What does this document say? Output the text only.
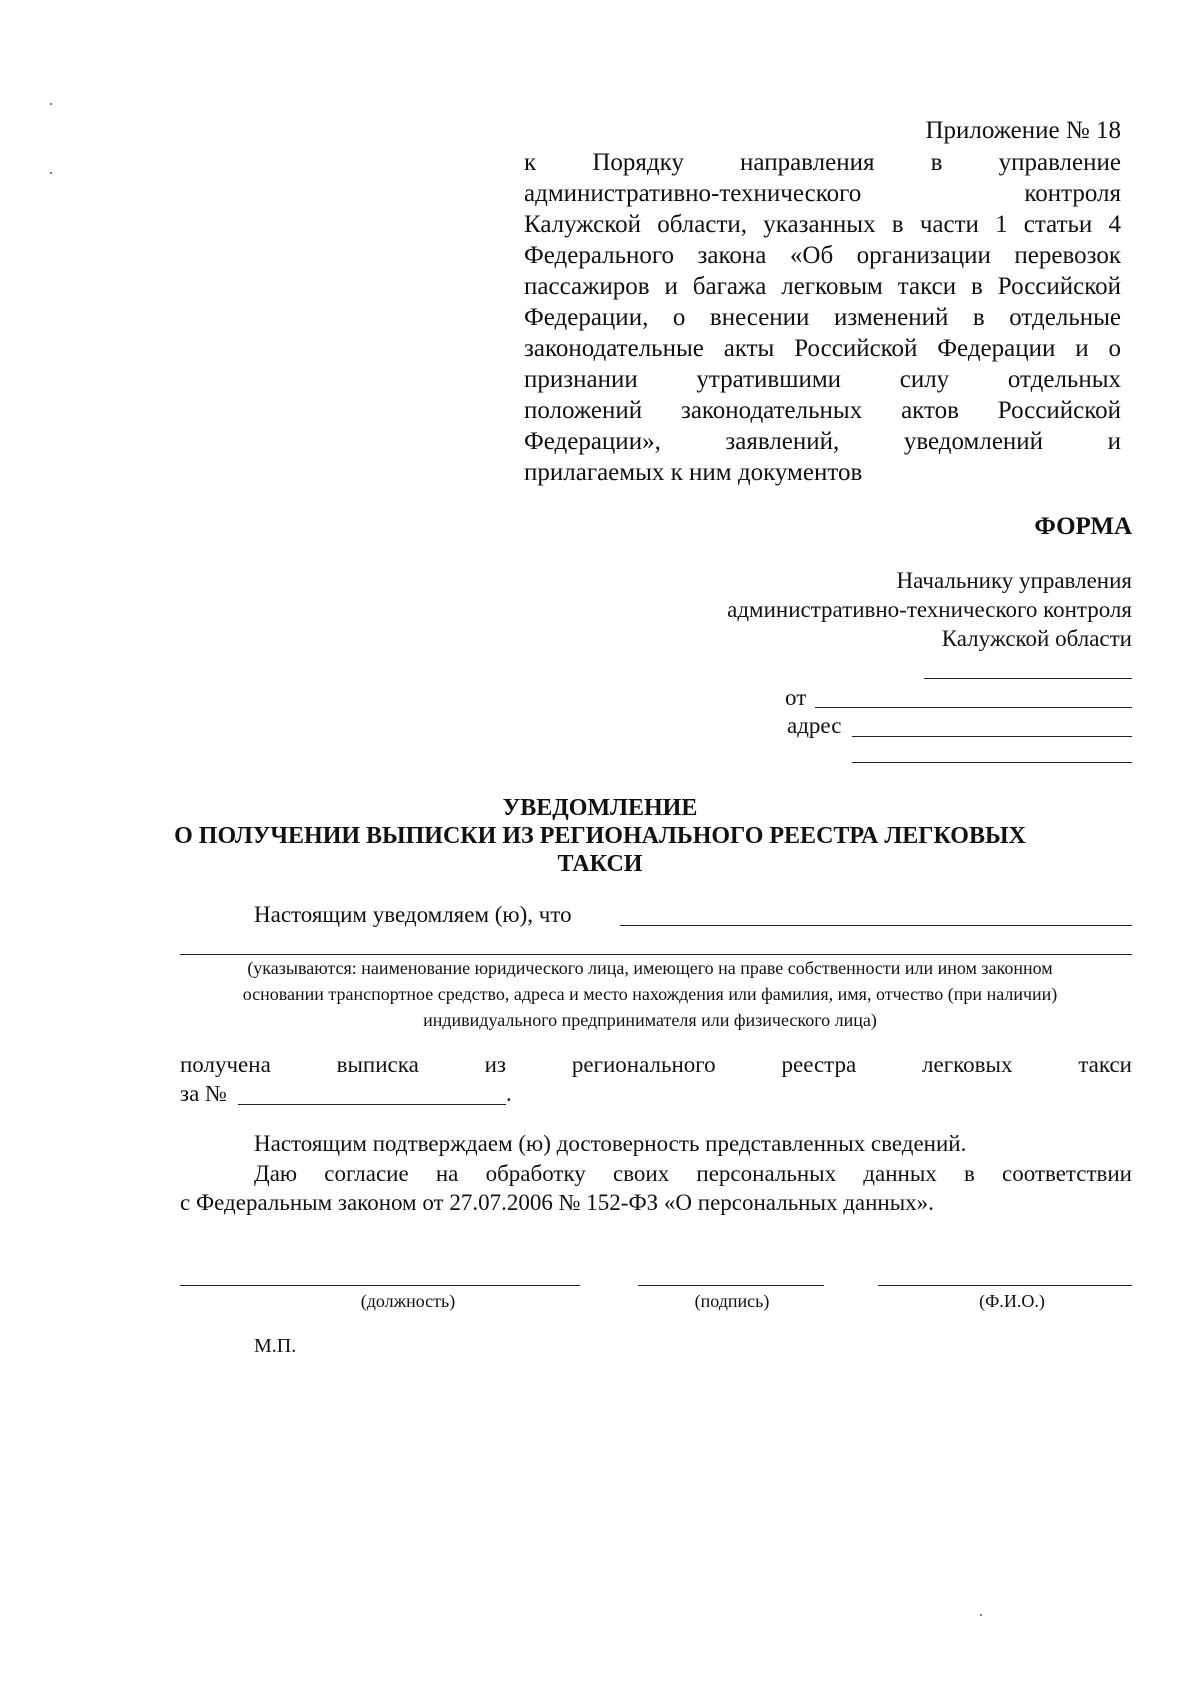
Приложение № 18
к Порядку направления в управление
административно-технического контроля
Калужской области, указанных в части 1 статьи 4
Федерального закона «Об организации перевозок
пассажиров и багажа легковым такси в Российской
Федерации, о внесении изменений в отдельные
законодательные акты Российской Федерации и о
признании утратившими силу отдельных
положений законодательных актов Российской
Федерации», заявлений, уведомлений и
прилагаемых к ним документов
ФОРМА
Начальнику управления
административно-технического контроля
Калужской области
от
адрес
УВЕДОМЛЕНИЕ
О ПОЛУЧЕНИИ ВЫПИСКИ ИЗ РЕГИОНАЛЬНОГО РЕЕСТРА ЛЕГКОВЫХ
ТАКСИ
Настоящим уведомляем (ю), что
(указываются: наименование юридического лица, имеющего на праве собственности или ином законном
основании транспортное средство, адреса и место нахождения или фамилия, имя, отчество (при наличии)
индивидуального предпринимателя или физического лица)
получена выписка из регионального реестра легковых такси
за №	.
Настоящим подтверждаем (ю) достоверность представленных сведений.
Даю согласие на обработку своих персональных данных в соответствии
с Федеральным законом от 27.07.2006 № 152-ФЗ «О персональных данных».
(должность)	(подпись)	(Ф.И.О.)
М.П.
